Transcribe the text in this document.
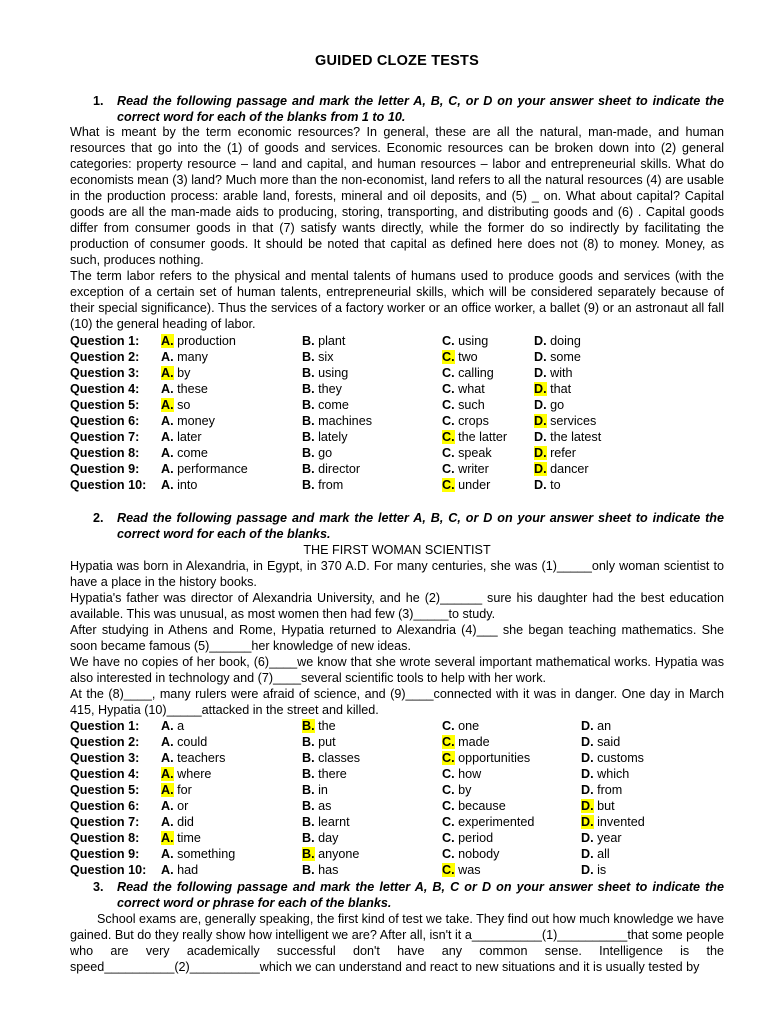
GUIDED CLOZE TESTS
1. Read the following passage and mark the letter A, B, C, or D on your answer sheet to indicate the correct word for each of the blanks from 1 to 10.

What is meant by the term economic resources? In general, these are all the natural, man-made, and human resources that go into the (1) of goods and services. Economic resources can be broken down into (2) general categories: property resource – land and capital, and human resources – labor and entrepreneurial skills. What do economists mean (3) land? Much more than the non-economist, land refers to all the natural resources (4) are usable in the production process: arable land, forests, mineral and oil deposits, and (5) _ on. What about capital? Capital goods are all the man-made aids to producing, storing, transporting, and distributing goods and (6) . Capital goods differ from consumer goods in that (7) satisfy wants directly, while the former do so indirectly by facilitating the production of consumer goods. It should be noted that capital as defined here does not (8) to money. Money, as such, produces nothing.

The term labor refers to the physical and mental talents of humans used to produce goods and services (with the exception of a certain set of human talents, entrepreneurial skills, which will be considered separately because of their special significance). Thus the services of a factory worker or an office worker, a ballet (9) or an astronaut all fall (10) the general heading of labor.

Question 1: A. production	B. plant	C. using	D. doing
Question 2: A. many	B. six	C. two	D. some
Question 3: A. by	B. using	C. calling	D. with
Question 4: A. these	B. they	C. what	D. that
Question 5: A. so	B. come	C. such	D. go
Question 6: A. money	B. machines	C. crops	D. services
Question 7: A. later	B. lately	C. the latter D. the latest
Question 8: A. come	B. go	C. speak	D. refer
Question 9: A. performance	B. director	C. writer	D. dancer
Question 10: A. into	B. from	C. under	D. to
2. Read the following passage and mark the letter A, B, C, or D on your answer sheet to indicate the correct word for each of the blanks.
THE FIRST WOMAN SCIENTIST

Hypatia was born in Alexandria, in Egypt, in 370 A.D. For many centuries, she was (1)_____only woman scientist to have a place in the history books.

Hypatia's father was director of Alexandria University, and he (2)______ sure his daughter had the best education available. This was unusual, as most women then had few (3)_____to study.

After studying in Athens and Rome, Hypatia returned to Alexandria (4)___ she began teaching mathematics. She soon became famous (5)______her knowledge of new ideas.

We have no copies of her book, (6)____we know that she wrote several important mathematical works. Hypatia was also interested in technology and (7)____several scientific tools to help with her work.

At the (8)____, many rulers were afraid of science, and (9)____connected with it was in danger. One day in March 415, Hypatia (10)_____attacked in the street and killed.

Question 1: A. a	B. the	C. one	D. an
Question 2: A. could	B. put	C. made	D. said
Question 3: A. teachers	B. classes	C. opportunities	D. customs
Question 4: A. where	B. there	C. how	D. which
Question 5: A. for	B. in	C. by	D. from
Question 6: A. or	B. as	C. because	D. but
Question 7: A. did	B. learnt	C. experimented	D. invented
Question 8: A. time	B. day	C. period	D. year
Question 9: A. something	B. anyone	C. nobody	D. all
Question 10: A. had	B. has	C. was	D. is
3. Read the following passage and mark the letter A, B, C or D on your answer sheet to indicate the correct word or phrase for each of the blanks.
School exams are, generally speaking, the first kind of test we take. They find out how much knowledge we have gained. But do they really show how intelligent we are? After all, isn't it a__________(1)__________that some people who are very academically successful don't have any common sense. Intelligence is the speed__________(2)__________which we can understand and react to new situations and it is usually tested by
